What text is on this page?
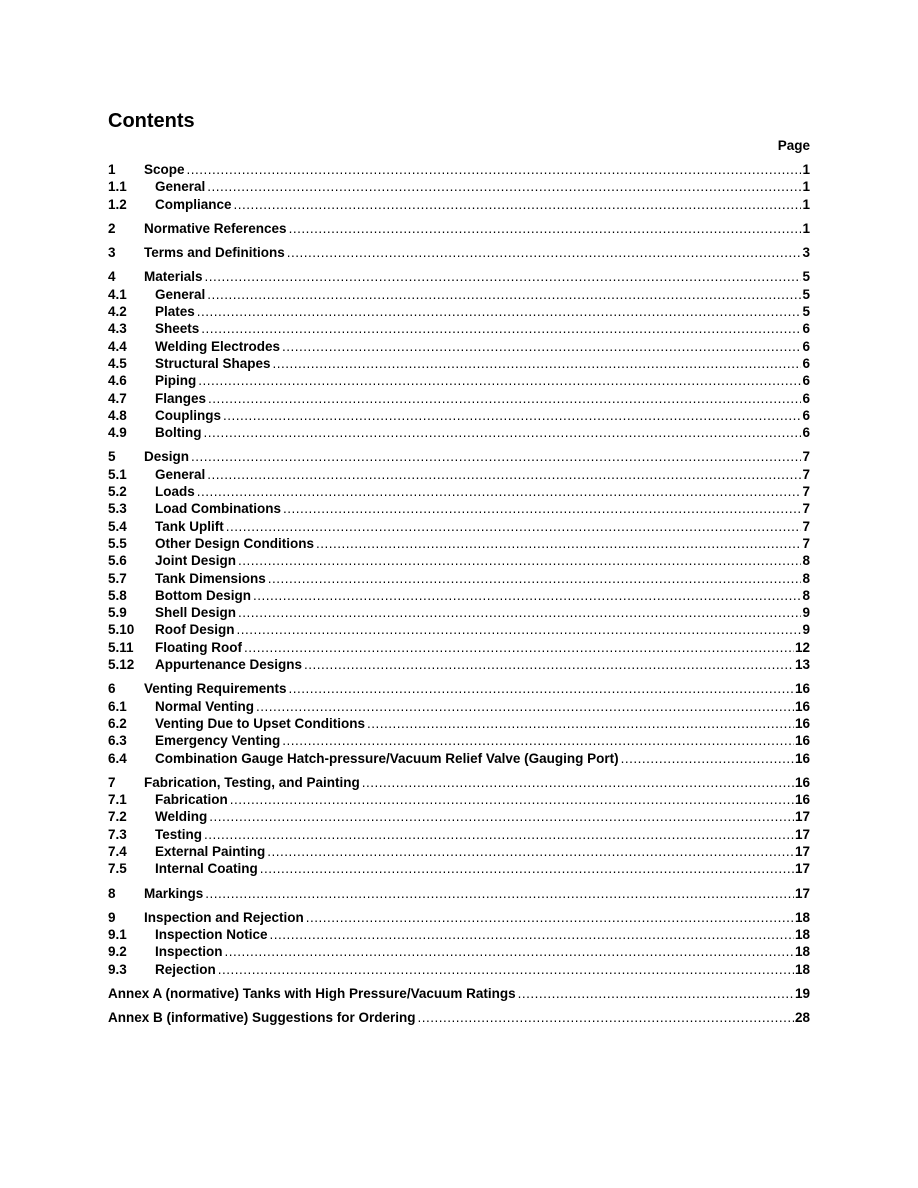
Contents
Page
1	Scope .....	1
1.1	General .....	1
1.2	Compliance .....	1
2	Normative References .....	1
3	Terms and Definitions .....	3
4	Materials .....	5
4.1	General .....	5
4.2	Plates .....	5
4.3	Sheets .....	6
4.4	Welding Electrodes .....	6
4.5	Structural Shapes .....	6
4.6	Piping .....	6
4.7	Flanges .....	6
4.8	Couplings .....	6
4.9	Bolting .....	6
5	Design .....	7
5.1	General .....	7
5.2	Loads .....	7
5.3	Load Combinations .....	7
5.4	Tank Uplift .....	7
5.5	Other Design Conditions .....	7
5.6	Joint Design .....	8
5.7	Tank Dimensions .....	8
5.8	Bottom Design .....	8
5.9	Shell Design .....	9
5.10	Roof Design .....	9
5.11	Floating Roof .....	12
5.12	Appurtenance Designs .....	13
6	Venting Requirements .....	16
6.1	Normal Venting .....	16
6.2	Venting Due to Upset Conditions .....	16
6.3	Emergency Venting .....	16
6.4	Combination Gauge Hatch-pressure/Vacuum Relief Valve (Gauging Port) .....	16
7	Fabrication, Testing, and Painting .....	16
7.1	Fabrication .....	16
7.2	Welding .....	17
7.3	Testing .....	17
7.4	External Painting .....	17
7.5	Internal Coating .....	17
8	Markings .....	17
9	Inspection and Rejection .....	18
9.1	Inspection Notice .....	18
9.2	Inspection .....	18
9.3	Rejection .....	18
Annex A (normative) Tanks with High Pressure/Vacuum Ratings .....	19
Annex B (informative) Suggestions for Ordering .....	28
